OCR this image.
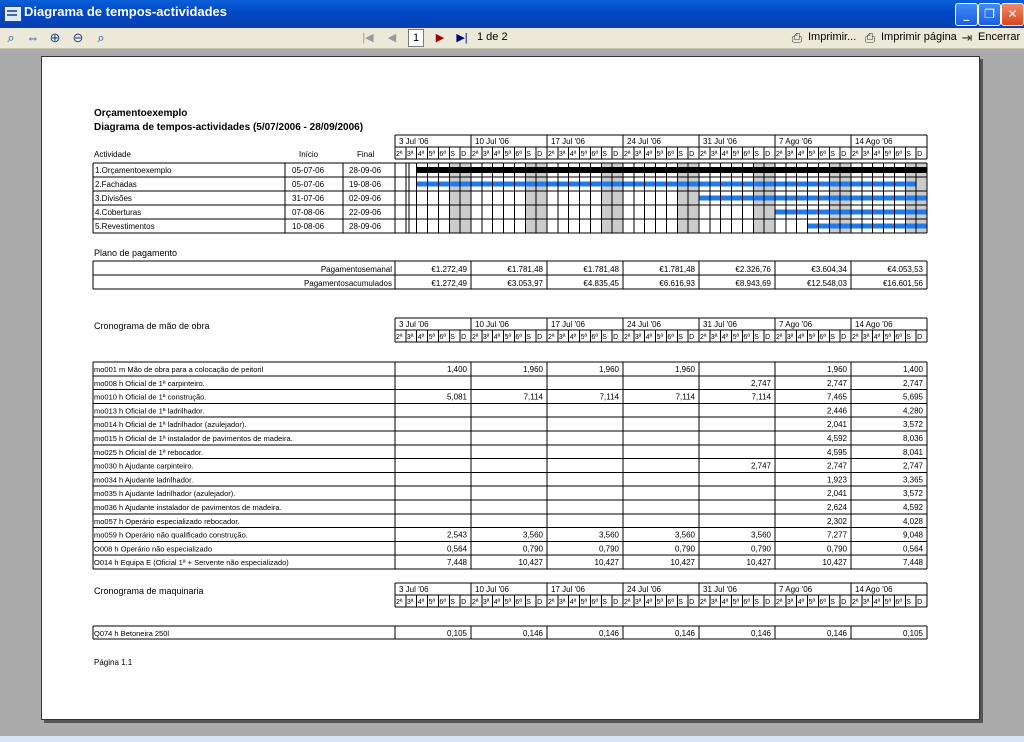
Diagrama de tempos-actividades	_	❐	✕
⌕ ⇔ ⊕ ⊖	⌕	|◀ ◀	1	▶ ▶| 1 de 2	⎙ Imprimir... ⎙ Imprimir página ⇥ Encerrar
Orçamentoexemplo
Diagrama de tempos-actividades (5/07/2006 - 28/09/2006)
3 Jul '06	10 Jul '06	17 Jul '06	24 Jul '06	31 Jul '06	7 Ago '06	14 Ago '06
2ª 3ª 4ª 5ª 6ª S D 2ª 3ª 4ª 5ª 6ª S D 2ª 3ª 4ª 5ª 6ª S D 2ª 3ª 4ª 5ª 6ª S D 2ª 3ª 4ª 5ª 6ª S D 2ª 3ª 4ª 5ª 6ª S D 2ª 3ª 4ª 5ª 6ª S D
Actividade	Início	Final
1.Orçamentoexemplo	05-07-06	28-09-06
2.Fachadas	05-07-06	19-08-06
3.Divisões	31-07-06	02-09-06
4.Coberturas	07-08-06	22-09-06
5.Revestimentos	10-08-06	28-09-06
Plano de pagamento
Pagamentosemanal	€1.272,49	€1.781,48	€1.781,48	€1.781,48	€2.326,76	€3.604,34	€4.053,53
Pagamentosacumulados	€1.272,49	€3.053,97	€4.835,45	€6.616,93	€8.943,69	€12.548,03	€16.601,56
Cronograma de mão de obra	3 Jul '06	10 Jul '06	17 Jul '06	24 Jul '06	31 Jul '06	7 Ago '06	14 Ago '06
2ª 3ª 4ª 5ª 6ª S D 2ª 3ª 4ª 5ª 6ª S D 2ª 3ª 4ª 5ª 6ª S D 2ª 3ª 4ª 5ª 6ª S D 2ª 3ª 4ª 5ª 6ª S D 2ª 3ª 4ª 5ª 6ª S D 2ª 3ª 4ª 5ª 6ª S D
mo001 m Mão de obra para a colocação de peitoril	1,400	1,960	1,960	1,960	1,960	1,400
mo008 h Oficial de 1ª carpinteiro.	2,747	2,747	2,747
mo010 h Oficial de 1ª construção.	5,081	7,114	7,114	7,114	7,114	7,465	5,695
mo013 h Oficial de 1ª ladrilhador.	2,446	4,280
mo014 h Oficial de 1ª ladrilhador (azulejador).	2,041	3,572
mo015 h Oficial de 1ª instalador de pavimentos de madeira.	4,592	8,036
mo025 h Oficial de 1ª rebocador.	4,595	8,041
mo030 h Ajudante carpinteiro.	2,747	2,747	2,747
mo034 h Ajudante ladrilhador.	1,923	3,365
mo035 h Ajudante ladrilhador (azulejador).	2,041	3,572
mo036 h Ajudante instalador de pavimentos de madeira.	2,624	4,592
mo057 h Operário especializado rebocador.	2,302	4,028
mo059 h Operário não qualificado construção.	2,543	3,560	3,560	3,560	3,560	7,277	9,048
O008 h Operário não especializado	0,564	0,790	0,790	0,790	0,790	0,790	0,564
O014 h Equipa E (Oficial 1ª + Servente não especializado)	7,448	10,427	10,427	10,427	10,427	10,427	7,448
Cronograma de maquinaria	3 Jul '06	10 Jul '06	17 Jul '06	24 Jul '06	31 Jul '06	7 Ago '06	14 Ago '06
2ª 3ª 4ª 5ª 6ª S D 2ª 3ª 4ª 5ª 6ª S D 2ª 3ª 4ª 5ª 6ª S D 2ª 3ª 4ª 5ª 6ª S D 2ª 3ª 4ª 5ª 6ª S D 2ª 3ª 4ª 5ª 6ª S D 2ª 3ª 4ª 5ª 6ª S D
Q074 h Betoneira 250l	0,105	0,146	0,146	0,146	0,146	0,146	0,105
Página 1.1
